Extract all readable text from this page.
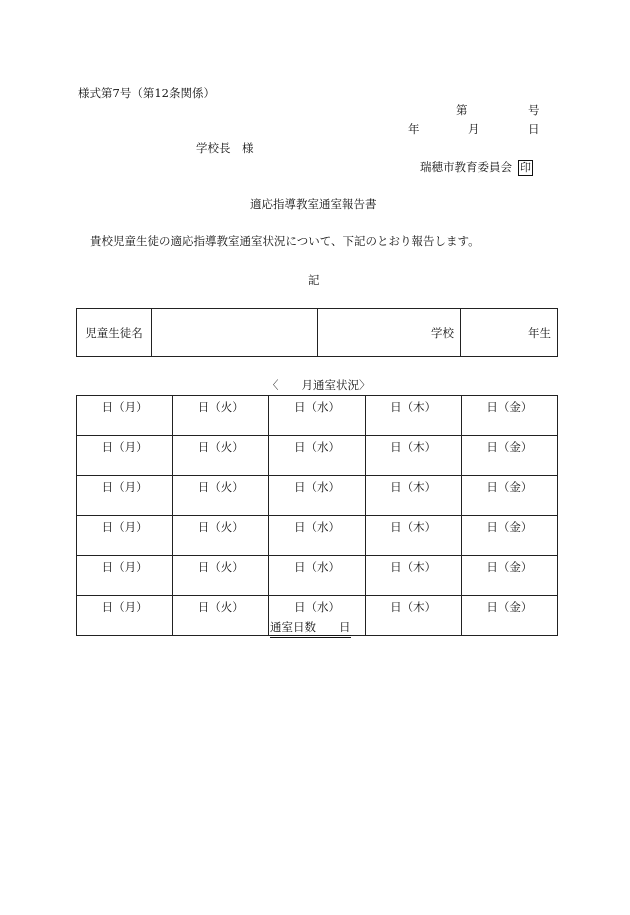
様式第7号（第12条関係）
第	号
年	月	日
学校長　様
瑞穂市教育委員会 印
適応指導教室通室報告書
貴校児童生徒の適応指導教室通室状況について、下記のとおり報告します。
記
児童生徒名		学校	年生
〈　　月通室状況〉
日（月）	日（火）	日（水）	日（木）	日（金）
日（月）	日（火）	日（水）	日（木）	日（金）
日（月）	日（火）	日（水）	日（木）	日（金）
日（月）	日（火）	日（水）	日（木）	日（金）
日（月）	日（火）	日（水）	日（木）	日（金）
日（月）	日（火）	日（水）	日（木）	日（金）
通室日数　　日
